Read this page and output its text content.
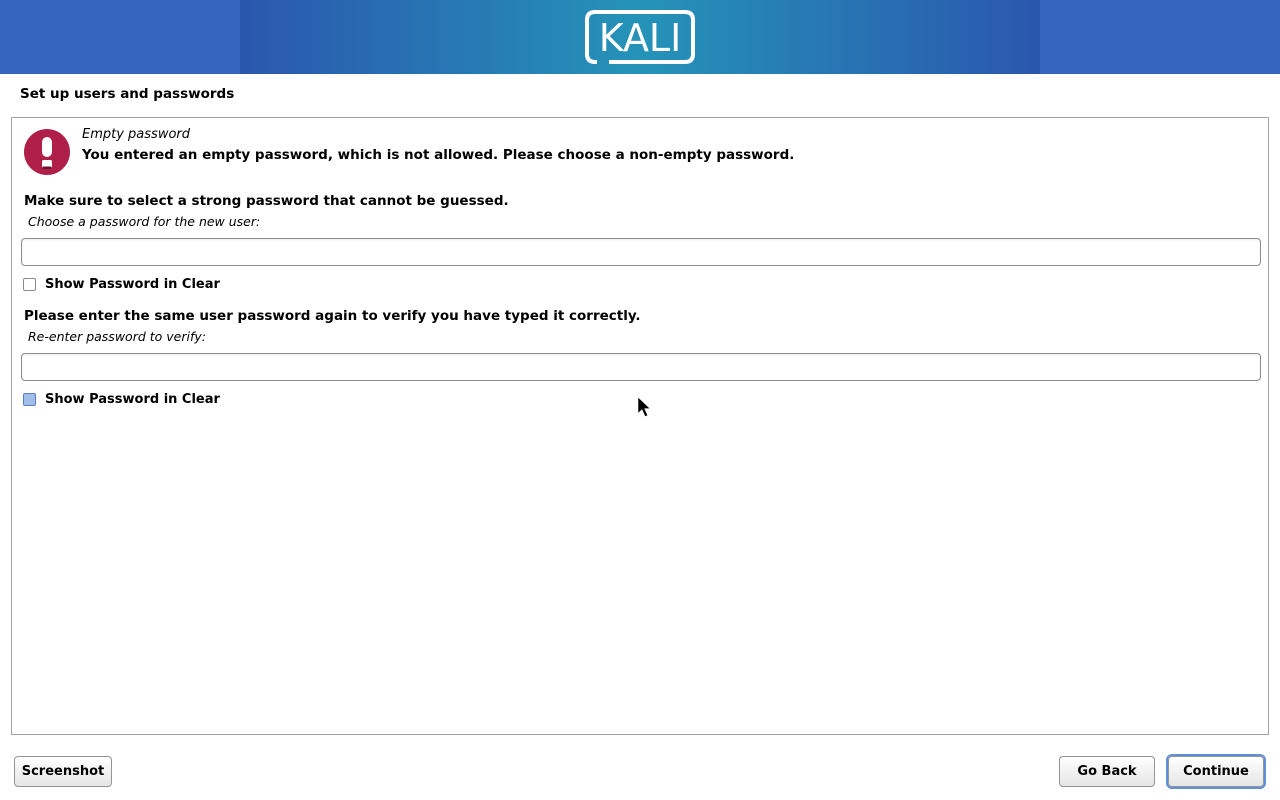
KALI
Set up users and passwords
Empty password
You entered an empty password, which is not allowed. Please choose a non-empty password.
Make sure to select a strong password that cannot be guessed.
Choose a password for the new user:
Show Password in Clear
Please enter the same user password again to verify you have typed it correctly.
Re-enter password to verify:
Show Password in Clear
Screenshot	Go Back	Continue
